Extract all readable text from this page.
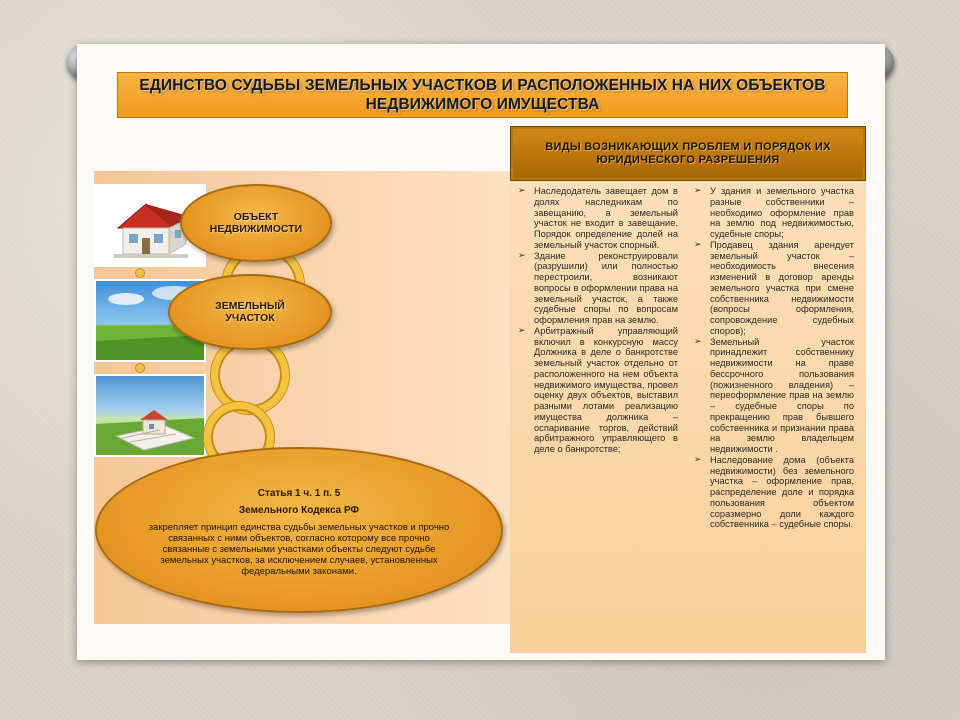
ЕДИНСТВО СУДЬБЫ ЗЕМЕЛЬНЫХ УЧАСТКОВ И РАСПОЛОЖЕННЫХ НА НИХ ОБЪЕКТОВ НЕДВИЖИМОГО ИМУЩЕСТВА
ОБЪЕКТ НЕДВИЖИМОСТИ
ЗЕМЕЛЬНЫЙ УЧАСТОК
Статья 1 ч. 1 п. 5
Земельного Кодекса РФ
закрепляет принцип единства судьбы земельных участков и прочно связанных с ними объектов, согласно которому все прочно связанные с земельными участками объекты следуют судьбе земельных участков, за исключением случаев, установленных федеральными законами.
ВИДЫ ВОЗНИКАЮЩИХ ПРОБЛЕМ И ПОРЯДОК ИХ ЮРИДИЧЕСКОГО РАЗРЕШЕНИЯ
➢ Наследодатель завещает дом в долях наследникам по завещанию, а земельный участок не входит в завещание. Порядок определение долей на земельный участок спорный.
➢ Здание реконструировали (разрушили) или полностью перестроили, возникают вопросы в оформлении права на земельный участок, а также судебные споры по вопросам оформления прав на землю.
➢ Арбитражный управляющий включил в конкурсную массу Должника в деле о банкротстве земельный участок отдельно от расположенного на нем объекта недвижимого имущества, провел оценку двух объектов, выставил разными лотами реализацию имущества должника – оспаривание торгов, действий арбитражного управляющего в деле о банкротстве;
➢ У здания и земельного участка разные собственники – необходимо оформление прав на землю под недвижимостью, судебные споры;
➢ Продавец здания арендует земельный участок – необходимость внесения изменений в договор аренды земельного участка при смене собственника недвижимости (вопросы оформления, сопровождение судебных споров);
➢ Земельный участок принадлежит собственнику недвижимости на праве бессрочного пользования (пожизненного владения) – переоформление прав на землю – судебные споры по прекращению прав бывшего собственника и признании права на землю владельцем недвижимости .
➢ Наследование дома (объекта недвижимости) без земельного участка – оформление прав, распределение доле и порядка пользования объектом соразмерно доли каждого собственника – судебные споры.
